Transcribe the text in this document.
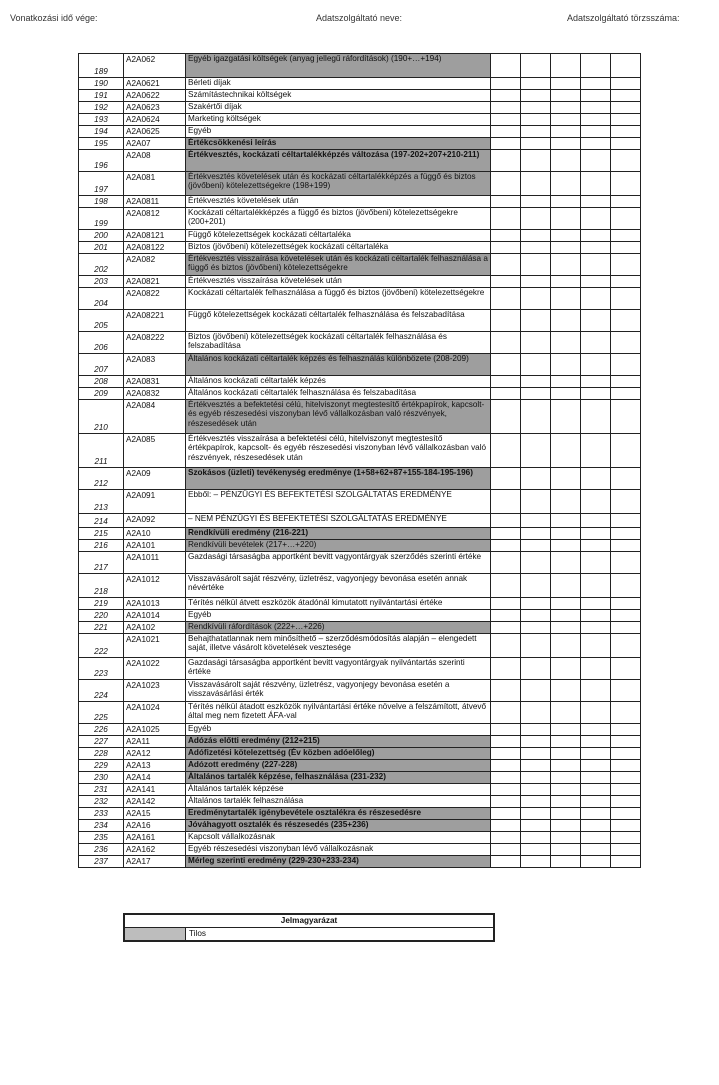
Vonatkozási idő vége:	Adatszolgáltató neve:	Adatszolgáltató törzsszáma:
189	A2A062	Egyéb igazgatási költségek (anyag jellegű ráfordítások) (190+…+194)					
190	A2A0621	Bérleti díjak					
191	A2A0622	Számítástechnikai költségek					
192	A2A0623	Szakértői díjak					
193	A2A0624	Marketing költségek					
194	A2A0625	Egyéb					
195	A2A07	Értékcsökkenési leírás					
196	A2A08	Értékvesztés, kockázati céltartalékképzés változása (197-202+207+210-211)					
197	A2A081	Értékvesztés követelések után és kockázati céltartalékképzés a függő és biztos (jövőbeni) kötelezettségekre (198+199)					
198	A2A0811	Értékvesztés követelések után					
199	A2A0812	Kockázati céltartalékképzés a függő és biztos (jövőbeni) kötelezettségekre (200+201)					
200	A2A08121	Függő kötelezettségek kockázati céltartaléka					
201	A2A08122	Biztos (jövőbeni) kötelezettségek kockázati céltartaléka					
202	A2A082	Értékvesztés visszaírása követelések után és kockázati céltartalék felhasználása a függő és biztos (jövőbeni) kötelezettségekre					
203	A2A0821	Értékvesztés visszaírása követelések után					
204	A2A0822	Kockázati céltartalék felhasználása a függő és biztos (jövőbeni) kötelezettségekre					
205	A2A08221	Függő kötelezettségek kockázati céltartalék felhasználása és felszabadítása					
206	A2A08222	Biztos (jövőbeni) kötelezettségek kockázati céltartalék felhasználása és felszabadítása					
207	A2A083	Általános kockázati céltartalék képzés és felhasználás különbözete (208-209)					
208	A2A0831	Általános kockázati céltartalék képzés					
209	A2A0832	Általános kockázati céltartalék felhasználása és felszabadítása					
210	A2A084	Értékvesztés a befektetési célú, hitelviszonyt megtestesítő értékpapírok, kapcsolt- és egyéb részesedési viszonyban lévő vállalkozásban való részvények, részesedések után					
211	A2A085	Értékvesztés visszaírása a befektetési célú, hitelviszonyt megtestesítő értékpapírok, kapcsolt- és egyéb részesedési viszonyban lévő vállalkozásban való részvények, részesedések után					
212	A2A09	Szokásos (üzleti) tevékenység eredménye (1+58+62+87+155-184-195-196)					
213	A2A091	Ebből: – PÉNZÜGYI ÉS BEFEKTETÉSI SZOLGÁLTATÁS EREDMÉNYE					
214	A2A092	– NEM PÉNZÜGYI ÉS BEFEKTETÉSI SZOLGÁLTATÁS EREDMÉNYE					
215	A2A10	Rendkívüli eredmény (216-221)					
216	A2A101	Rendkívüli bevételek (217+…+220)					
217	A2A1011	Gazdasági társaságba apportként bevitt vagyontárgyak szerződés szerinti értéke					
218	A2A1012	Visszavásárolt saját részvény, üzletrész, vagyonjegy bevonása esetén annak névértéke					
219	A2A1013	Térítés nélkül átvett eszközök átadónál kimutatott nyilvántartási értéke					
220	A2A1014	Egyéb					
221	A2A102	Rendkívüli ráfordítások (222+…+226)					
222	A2A1021	Behajthatatlannak nem minősíthető – szerződésmódosítás alapján – elengedett saját, illetve vásárolt követelések vesztesége					
223	A2A1022	Gazdasági társaságba apportként bevitt vagyontárgyak nyilvántartás szerinti értéke					
224	A2A1023	Visszavásárolt saját részvény, üzletrész, vagyonjegy bevonása esetén a visszavásárlási érték					
225	A2A1024	Térítés nélkül átadott eszközök nyilvántartási értéke növelve a felszámított, átvevő által meg nem fizetett ÁFA-val					
226	A2A1025	Egyéb					
227	A2A11	Adózás előtti eredmény (212+215)					
228	A2A12	Adófizetési kötelezettség (Év közben adóelőleg)					
229	A2A13	Adózott eredmény (227-228)					
230	A2A14	Általános tartalék képzése, felhasználása (231-232)					
231	A2A141	Általános tartalék képzése					
232	A2A142	Általános tartalék felhasználása					
233	A2A15	Eredménytartalék igénybevétele osztalékra és részesedésre					
234	A2A16	Jóváhagyott osztalék és részesedés (235+236)					
235	A2A161	Kapcsolt vállalkozásnak					
236	A2A162	Egyéb részesedési viszonyban lévő vállalkozásnak					
237	A2A17	Mérleg szerinti eredmény (229-230+233-234)					
Jelmagyarázat
Tilos
